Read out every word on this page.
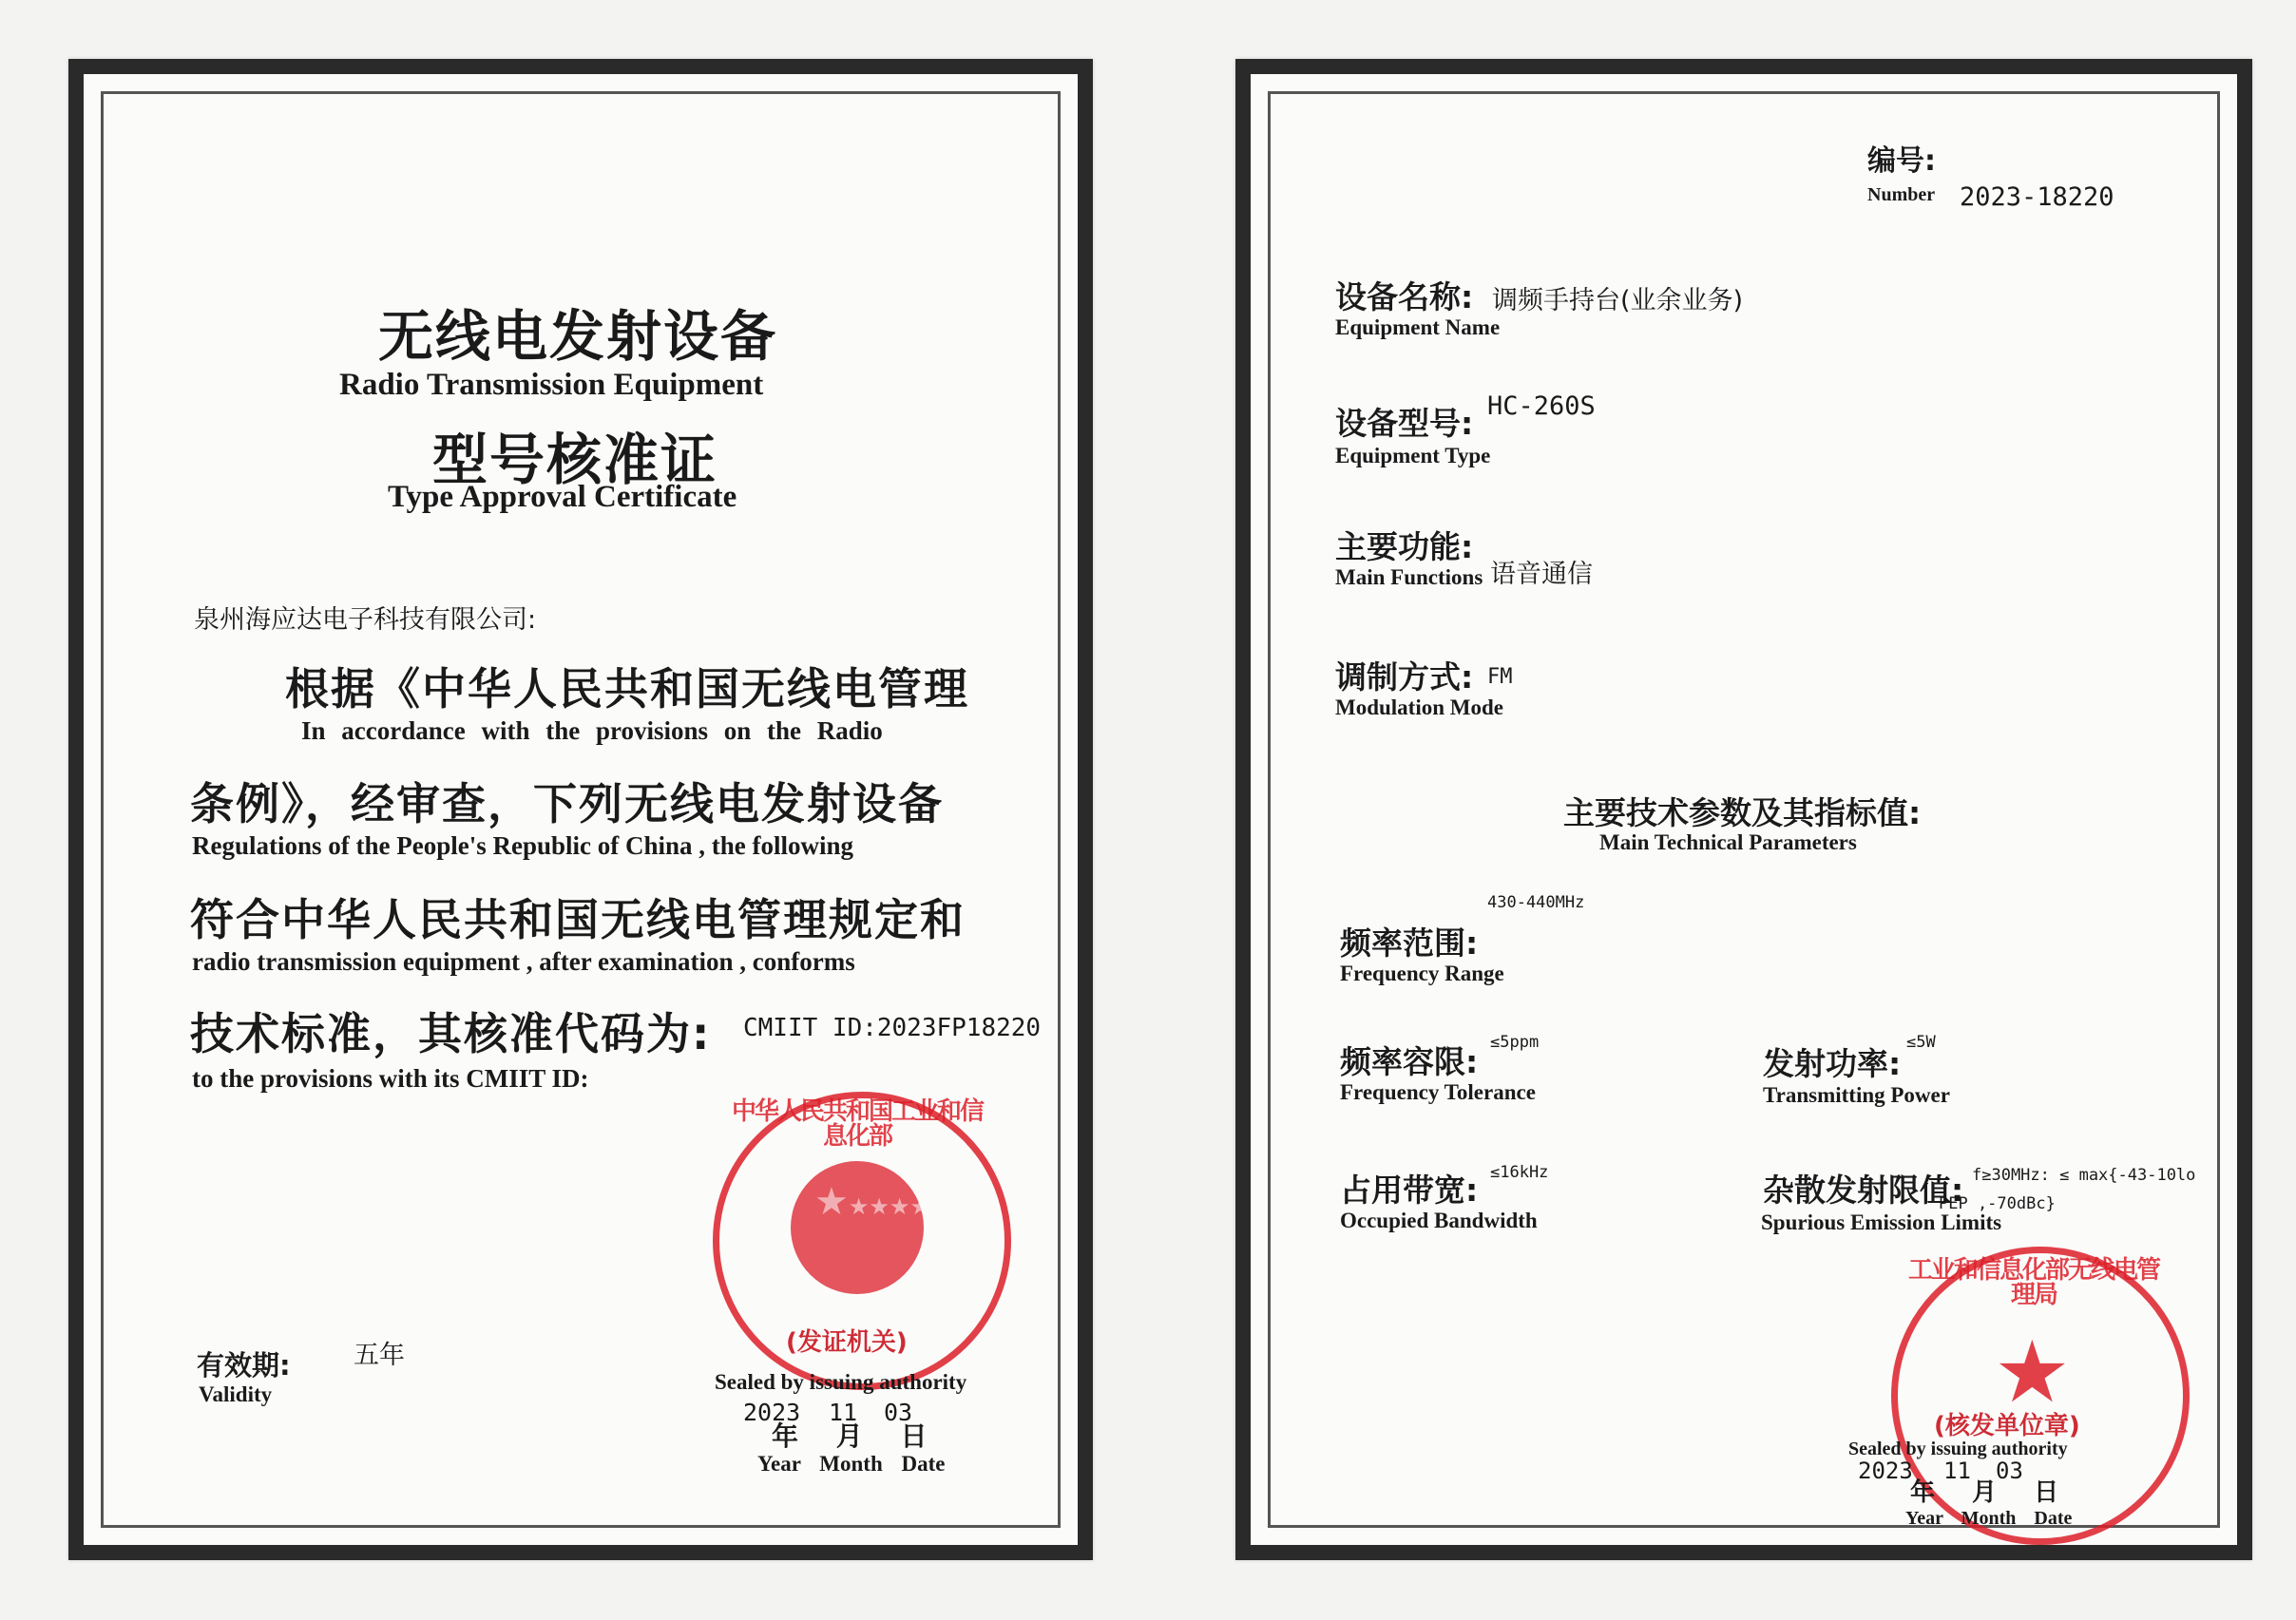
无线电发射设备
Radio Transmission Equipment
型号核准证
Type Approval Certificate
泉州海应达电子科技有限公司:
根据《中华人民共和国无线电管理
In accordance with the provisions on the Radio
条例》，经审查，下列无线电发射设备
Regulations of the People's Republic of China , the following
符合中华人民共和国无线电管理规定和
radio transmission equipment , after examination , conforms
技术标准，其核准代码为: CMIIT ID:2023FP18220
to the provisions with its CMIIT ID:
★★★★★
中华人民共和国工业和信息化部
(发证机关)
有效期: 五年
Validity
Sealed by issuing authority
2023 11 03
年 月 日
Year Month Date
编号:
Number 2023-18220
设备名称: 调频手持台(业余业务)
Equipment Name
设备型号: HC-260S
Equipment Type
主要功能:
语音通信
Main Functions
调制方式: FM
Modulation Mode
主要技术参数及其指标值:
Main Technical Parameters
430-440MHz
频率范围:
Frequency Range
频率容限:
≤5ppm
Frequency Tolerance
发射功率:
≤5W
Transmitting Power
占用带宽: ≤16kHz
Occupied Bandwidth
杂散发射限值: f≥30MHz: ≤ max{-43-10lo
PEP ,-70dBc}
Spurious Emission Limits
★
工业和信息化部无线电管理局
(核发单位章)
Sealed by issuing authority
2023 11 03
年 月 日
Year Month Date
